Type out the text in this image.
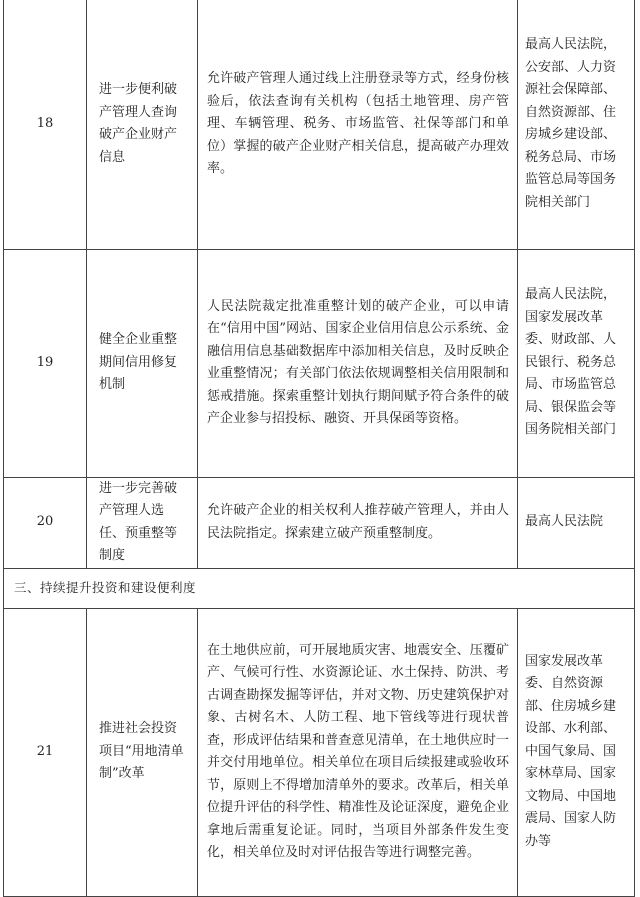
18	进一步便利破产管理人查询破产企业财产信息	允许破产管理人通过线上注册登录等方式，经身份核验后，依法查询有关机构（包括土地管理、房产管理、车辆管理、税务、市场监管、社保等部门和单位）掌握的破产企业财产相关信息，提高破产办理效率。	最高人民法院，公安部、人力资源社会保障部、自然资源部、住房城乡建设部、税务总局、市场监管总局等国务院相关部门
19	健全企业重整期间信用修复机制	人民法院裁定批准重整计划的破产企业，可以申请在“信用中国”网站、国家企业信用信息公示系统、金融信用信息基础数据库中添加相关信息，及时反映企业重整情况；有关部门依法依规调整相关信用限制和惩戒措施。探索重整计划执行期间赋予符合条件的破产企业参与招投标、融资、开具保函等资格。	最高人民法院，国家发展改革委、财政部、人民银行、税务总局、市场监管总局、银保监会等国务院相关部门
20	进一步完善破产管理人选任、预重整等制度	允许破产企业的相关权利人推荐破产管理人，并由人民法院指定。探索建立破产预重整制度。	最高人民法院
三、持续提升投资和建设便利度			
21	推进社会投资项目“用地清单制”改革	在土地供应前，可开展地质灾害、地震安全、压覆矿产、气候可行性、水资源论证、水土保持、防洪、考古调查勘探发掘等评估，并对文物、历史建筑保护对象、古树名木、人防工程、地下管线等进行现状普查，形成评估结果和普查意见清单，在土地供应时一并交付用地单位。相关单位在项目后续报建或验收环节，原则上不得增加清单外的要求。改革后，相关单位提升评估的科学性、精准性及论证深度，避免企业拿地后需重复论证。同时，当项目外部条件发生变化，相关单位及时对评估报告等进行调整完善。	国家发展改革委、自然资源部、住房城乡建设部、水利部、中国气象局、国家林草局、国家文物局、中国地震局、国家人防办等
